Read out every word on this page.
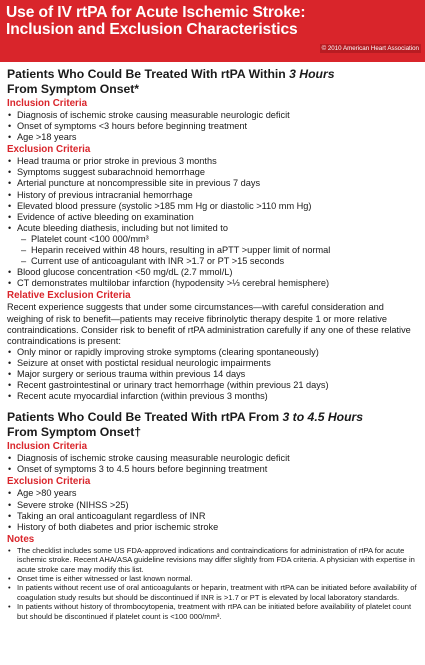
Use of IV rtPA for Acute Ischemic Stroke:
Inclusion and Exclusion Characteristics
© 2010 American Heart Association
Patients Who Could Be Treated With rtPA Within 3 Hours
From Symptom Onset*
Inclusion Criteria
• Diagnosis of ischemic stroke causing measurable neurologic deficit
• Onset of symptoms <3 hours before beginning treatment
• Age >18 years
Exclusion Criteria
• Head trauma or prior stroke in previous 3 months
• Symptoms suggest subarachnoid hemorrhage
• Arterial puncture at noncompressible site in previous 7 days
• History of previous intracranial hemorrhage
• Elevated blood pressure (systolic >185 mm Hg or diastolic >110 mm Hg)
• Evidence of active bleeding on examination
• Acute bleeding diathesis, including but not limited to
– Platelet count <100 000/mm³
– Heparin received within 48 hours, resulting in aPTT >upper limit of normal
– Current use of anticoagulant with INR >1.7 or PT >15 seconds
• Blood glucose concentration <50 mg/dL (2.7 mmol/L)
• CT demonstrates multilobar infarction (hypodensity >⅓ cerebral hemisphere)
Relative Exclusion Criteria

Recent experience suggests that under some circumstances—with careful consideration and weighing of risk to benefit—patients may receive fibrinolytic therapy despite 1 or more relative contraindications. Consider risk to benefit of rtPA administration carefully if any one of these relative contraindications is present:

• Only minor or rapidly improving stroke symptoms (clearing spontaneously)
• Seizure at onset with postictal residual neurologic impairments
• Major surgery or serious trauma within previous 14 days
• Recent gastrointestinal or urinary tract hemorrhage (within previous 21 days)
• Recent acute myocardial infarction (within previous 3 months)
Patients Who Could Be Treated With rtPA From 3 to 4.5 Hours
From Symptom Onset†
Inclusion Criteria
• Diagnosis of ischemic stroke causing measurable neurologic deficit
• Onset of symptoms 3 to 4.5 hours before beginning treatment
Exclusion Criteria
• Age >80 years
• Severe stroke (NIHSS >25)
• Taking an oral anticoagulant regardless of INR
• History of both diabetes and prior ischemic stroke
Notes
• The checklist includes some US FDA-approved indications and contraindications for administration of rtPA for acute ischemic stroke. Recent AHA/ASA guideline revisions may differ slightly from FDA criteria. A physician with expertise in acute stroke care may modify this list.
• Onset time is either witnessed or last known normal.
• In patients without recent use of oral anticoagulants or heparin, treatment with rtPA can be initiated before availability of coagulation study results but should be discontinued if INR is >1.7 or PT is elevated by local laboratory standards.
• In patients without history of thrombocytopenia, treatment with rtPA can be initiated before availability of platelet count but should be discontinued if platelet count is <100 000/mm³.
